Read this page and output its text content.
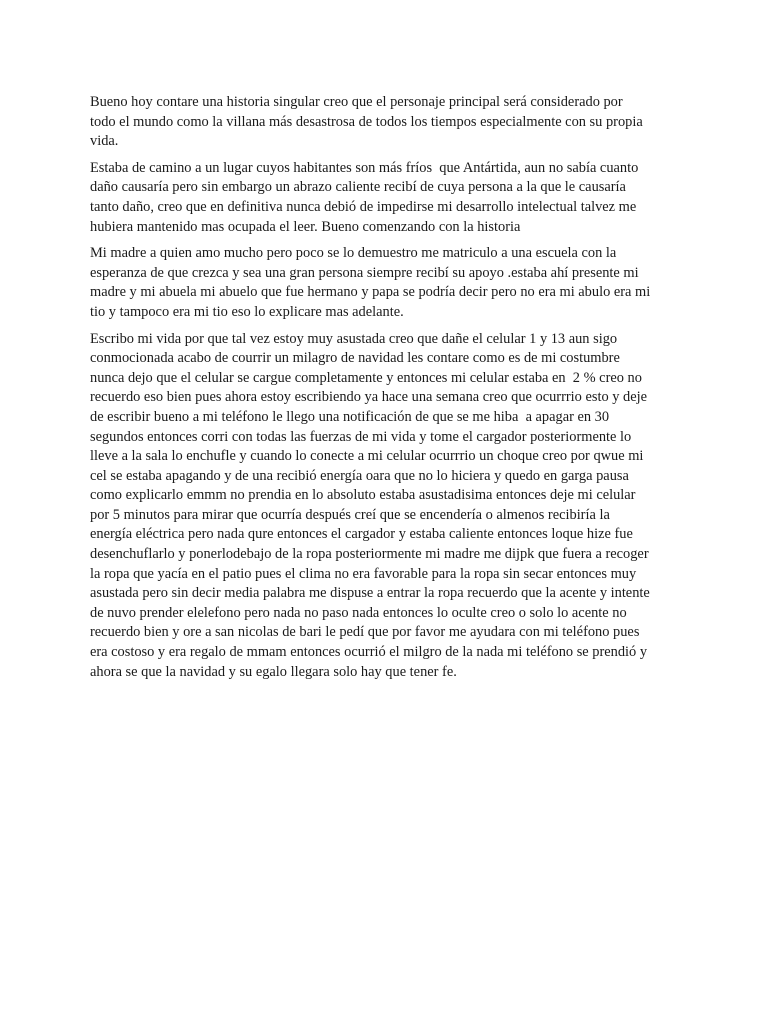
Bueno hoy contare una historia singular creo que el personaje principal será considerado por
todo el mundo como la villana más desastrosa de todos los tiempos especialmente con su propia
vida.

Estaba de camino a un lugar cuyos habitantes son más fríos  que Antártida, aun no sabía cuanto
daño causaría pero sin embargo un abrazo caliente recibí de cuya persona a la que le causaría
tanto daño, creo que en definitiva nunca debió de impedirse mi desarrollo intelectual talvez me
hubiera mantenido mas ocupada el leer. Bueno comenzando con la historia

Mi madre a quien amo mucho pero poco se lo demuestro me matriculo a una escuela con la
esperanza de que crezca y sea una gran persona siempre recibí su apoyo .estaba ahí presente mi
madre y mi abuela mi abuelo que fue hermano y papa se podría decir pero no era mi abulo era mi
tio y tampoco era mi tio eso lo explicare mas adelante.

Escribo mi vida por que tal vez estoy muy asustada creo que dañe el celular 1 y 13 aun sigo
conmocionada acabo de courrir un milagro de navidad les contare como es de mi costumbre
nunca dejo que el celular se cargue completamente y entonces mi celular estaba en  2 % creo no
recuerdo eso bien pues ahora estoy escribiendo ya hace una semana creo que ocurrrio esto y deje
de escribir bueno a mi teléfono le llego una notificación de que se me hiba  a apagar en 30
segundos entonces corri con todas las fuerzas de mi vida y tome el cargador posteriormente lo
lleve a la sala lo enchufle y cuando lo conecte a mi celular ocurrrio un choque creo por qwue mi
cel se estaba apagando y de una recibió energía oara que no lo hiciera y quedo en garga pausa
como explicarlo emmm no prendia en lo absoluto estaba asustadisima entonces deje mi celular
por 5 minutos para mirar que ocurría después creí que se encendería o almenos recibiría la
energía eléctrica pero nada qure entonces el cargador y estaba caliente entonces loque hize fue
desenchuflarlo y ponerlodebajo de la ropa posteriormente mi madre me dijpk que fuera a recoger
la ropa que yacía en el patio pues el clima no era favorable para la ropa sin secar entonces muy
asustada pero sin decir media palabra me dispuse a entrar la ropa recuerdo que la acente y intente
de nuvo prender elelefono pero nada no paso nada entonces lo oculte creo o solo lo acente no
recuerdo bien y ore a san nicolas de bari le pedí que por favor me ayudara con mi teléfono pues
era costoso y era regalo de mmam entonces ocurrió el milgro de la nada mi teléfono se prendió y
ahora se que la navidad y su egalo llegara solo hay que tener fe.
